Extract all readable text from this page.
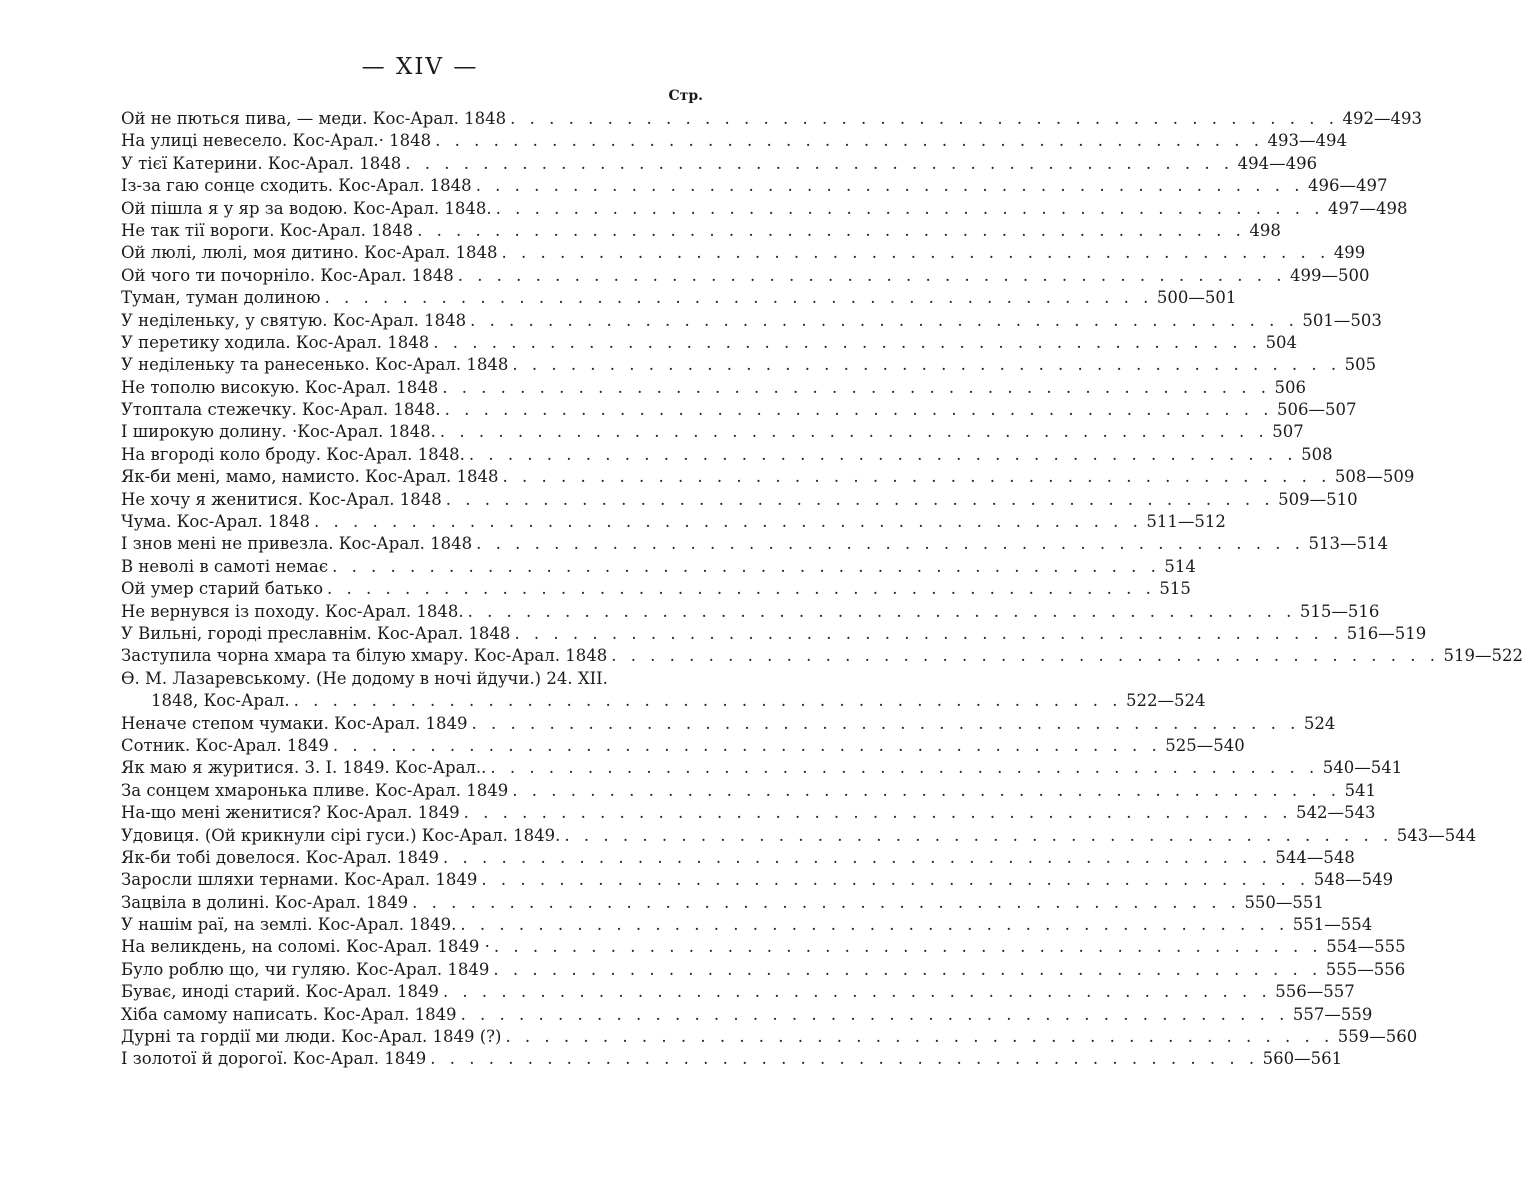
— XIV —
Стр.
Ой не пються пива, — меди. Кос-Арал. 1848 . . .	492—493
На улиці невесело. Кос-Арал.· 1848 . . .	493—494
У тієї Катерини. Кос-Арал. 1848 . . .	494—496
Із-за гаю сонце сходить. Кос-Арал. 1848 . . .	496—497
Ой пішла я у яр за водою. Кос-Арал. 1848. . . .	497—498
Не так тії вороги. Кос-Арал. 1848 . . .	498
Ой люлі, люлі, моя дитино. Кос-Арал. 1848 . . .	499
Ой чого ти почорніло. Кос-Арал. 1848 . . .	499—500
Туман, туман долиною . . .	500—501
У неділеньку, у святую. Кос-Арал. 1848 . . .	501—503
У перетику ходила. Кос-Арал. 1848 . . .	504
У неділеньку та ранесенько. Кос-Арал. 1848 . . .	505
Не тополю високую. Кос-Арал. 1848 . . .	506
Утоптала стежечку. Кос-Арал. 1848. . . .	506—507
І широкую долину. ·Кос-Арал. 1848. . . .	507
На вгороді коло броду. Кос-Арал. 1848. . . .	508
Як-би мені, мамо, намисто. Кос-Арал. 1848 . . .	508—509
Не хочу я женитися. Кос-Арал. 1848 . . .	509—510
Чума. Кос-Арал. 1848 . . .	511—512
І знов мені не привезла. Кос-Арал. 1848 . . .	513—514
В неволі в самоті немає . . .	514
Ой умер старий батько . . .	515
Не вернувся із походу. Кос-Арал. 1848. . . .	515—516
У Вильні, городі преславнім. Кос-Арал. 1848 . . .	516—519
Заступила чорна хмара та білую хмару. Кос-Арал. 1848 . . .	519—522
Ѳ. М. Лазаревському. (Не додому в ночі йдучи.) 24. XII.
1848, Кос-Арал. . . .	522—524
Неначе степом чумаки. Кос-Арал. 1849 . . .	524
Сотник. Кос-Арал. 1849 . . .	525—540
Як маю я журитися. 3. І. 1849. Кос-Арал.. . . .	540—541
За сонцем хмаронька пливе. Кос-Арал. 1849 . . .	541
На-що мені женитися? Кос-Арал. 1849 . . .	542—543
Удовиця. (Ой крикнули сірі гуси.) Кос-Арал. 1849. . . .	543—544
Як-би тобі довелося. Кос-Арал. 1849 . . .	544—548
Заросли шляхи тернами. Кос-Арал. 1849 . . .	548—549
Зацвіла в долині. Кос-Арал. 1849 . . .	550—551
У нашім раї, на землі. Кос-Арал. 1849. . . .	551—554
На великдень, на соломі. Кос-Арал. 1849 · . . .	554—555
Було роблю що, чи гуляю. Кос-Арал. 1849 . . .	555—556
Буває, иноді старий. Кос-Арал. 1849 . . .	556—557
Хіба самому написать. Кос-Арал. 1849 . . .	557—559
Дурні та гордії ми люди. Кос-Арал. 1849 (?) . . .	559—560
І золотої й дорогої. Кос-Арал. 1849 . . .	560—561
